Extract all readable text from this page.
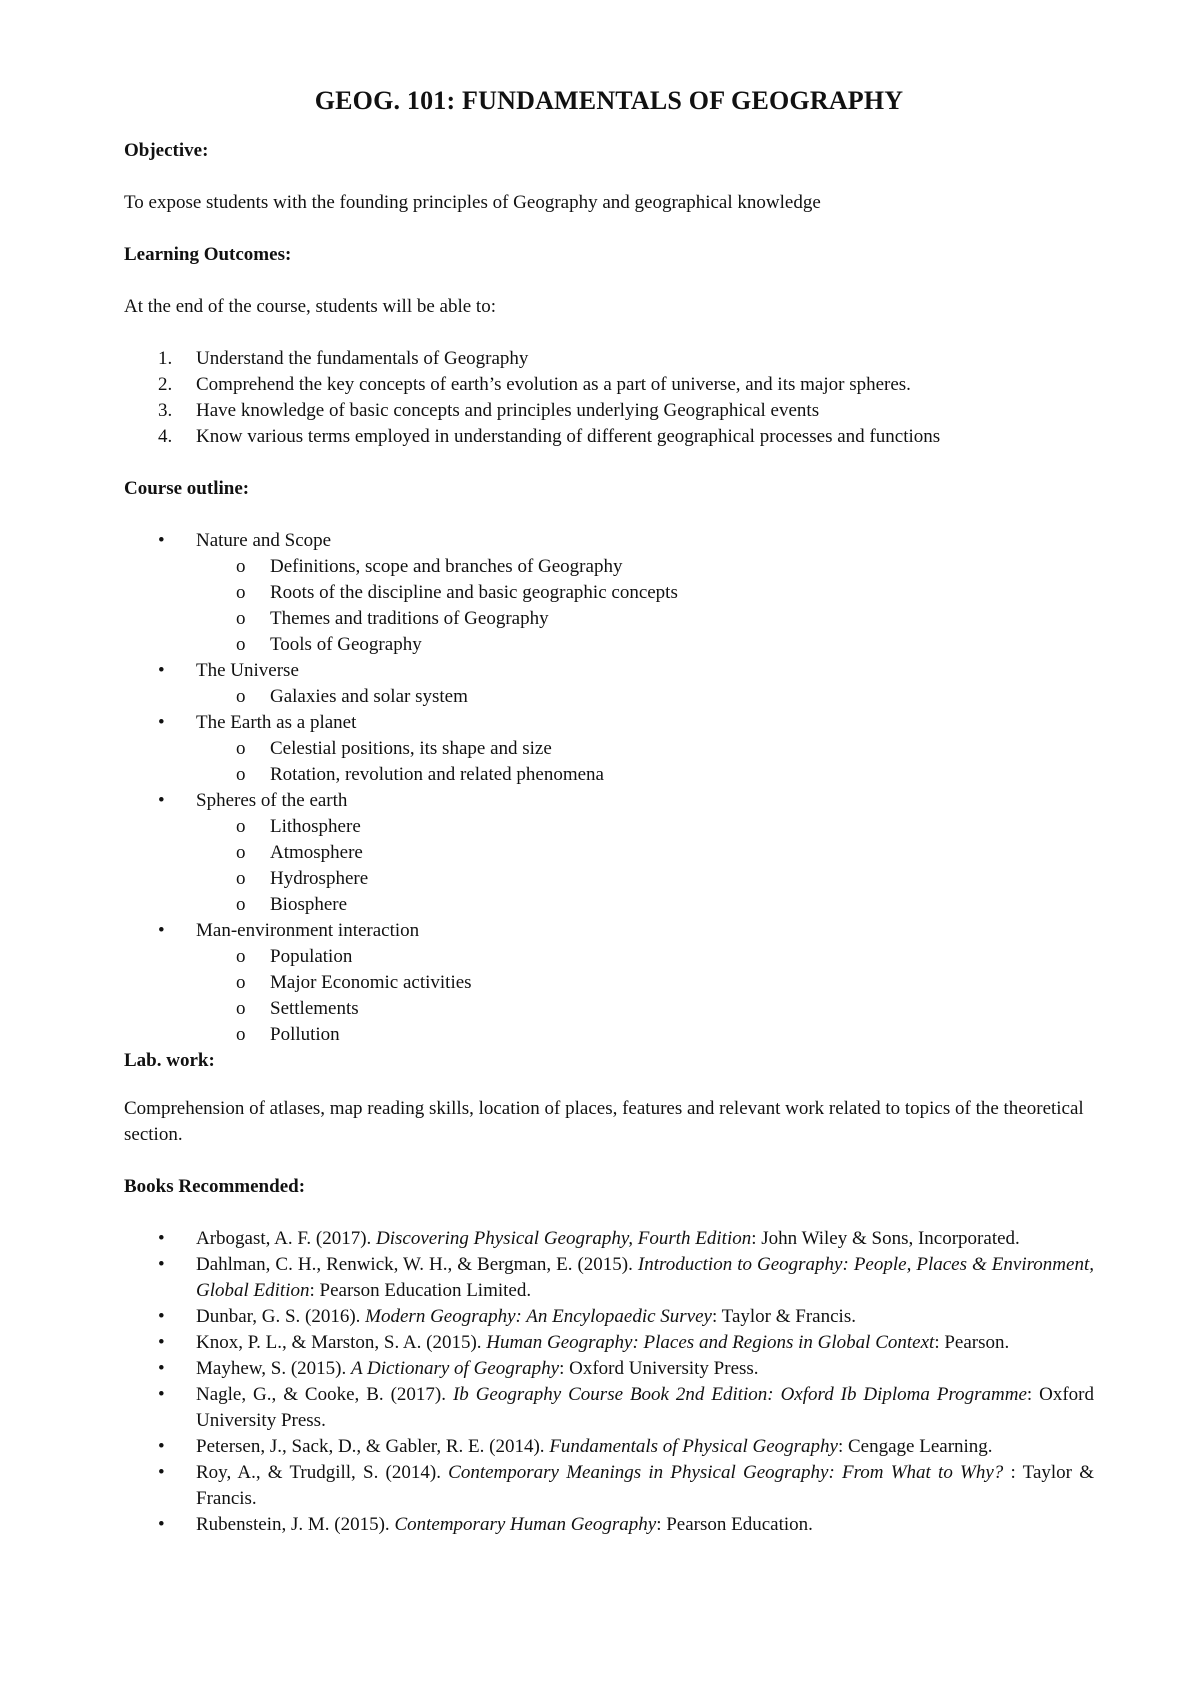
GEOG. 101: FUNDAMENTALS OF GEOGRAPHY
Objective:
To expose students with the founding principles of Geography and geographical knowledge
Learning Outcomes:
At the end of the course, students will be able to:
1.	Understand the fundamentals of Geography
2.	Comprehend the key concepts of earth’s evolution as a part of universe, and its major spheres.
3.	Have knowledge of basic concepts and principles underlying Geographical events
4.	Know various terms employed in understanding of different geographical processes and functions
Course outline:
• Nature and Scope
o Definitions, scope and branches of Geography
o Roots of the discipline and basic geographic concepts
o Themes and traditions of Geography
o Tools of Geography
• The Universe
o Galaxies and solar system
• The Earth as a planet
o Celestial positions, its shape and size
o Rotation, revolution and related phenomena
• Spheres of the earth
o Lithosphere
o Atmosphere
o Hydrosphere
o Biosphere
• Man-environment interaction
o Population
o Major Economic activities
o Settlements
o Pollution
Lab. work:
Comprehension of atlases, map reading skills, location of places, features and relevant work related to topics of the theoretical section.
Books Recommended:
• Arbogast, A. F. (2017). Discovering Physical Geography, Fourth Edition: John Wiley & Sons, Incorporated.
• Dahlman, C. H., Renwick, W. H., & Bergman, E. (2015). Introduction to Geography: People, Places & Environment, Global Edition: Pearson Education Limited.
• Dunbar, G. S. (2016). Modern Geography: An Encylopaedic Survey: Taylor & Francis.
• Knox, P. L., & Marston, S. A. (2015). Human Geography: Places and Regions in Global Context: Pearson.
• Mayhew, S. (2015). A Dictionary of Geography: Oxford University Press.
• Nagle, G., & Cooke, B. (2017). Ib Geography Course Book 2nd Edition: Oxford Ib Diploma Programme: Oxford University Press.
• Petersen, J., Sack, D., & Gabler, R. E. (2014). Fundamentals of Physical Geography: Cengage Learning.
• Roy, A., & Trudgill, S. (2014). Contemporary Meanings in Physical Geography: From What to Why? : Taylor & Francis.
• Rubenstein, J. M. (2015). Contemporary Human Geography: Pearson Education.
